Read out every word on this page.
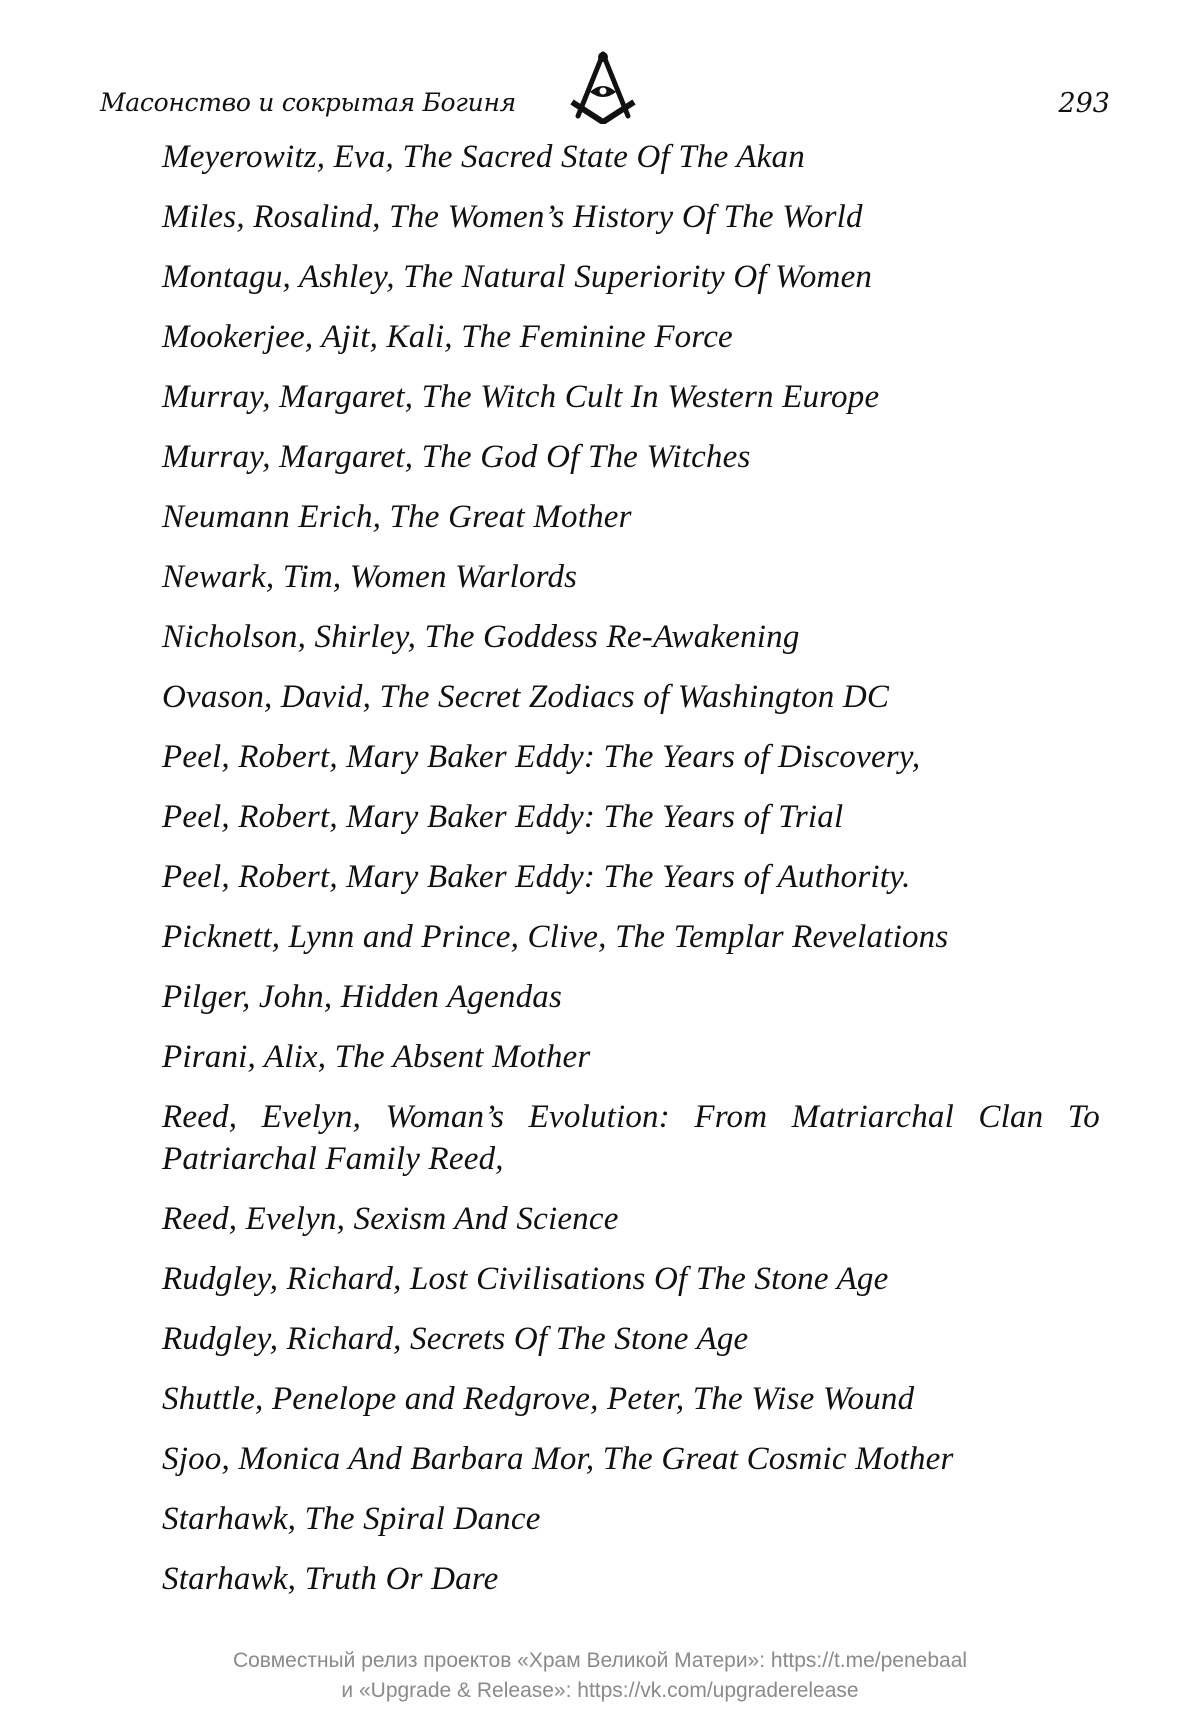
Масонство и сокрытая Богиня	293
Meyerowitz, Eva, The Sacred State Of The Akan
Miles, Rosalind, The Women’s History Of The World
Montagu, Ashley, The Natural Superiority Of Women
Mookerjee, Ajit, Kali, The Feminine Force
Murray, Margaret, The Witch Cult In Western Europe
Murray, Margaret, The God Of The Witches
Neumann Erich, The Great Mother
Newark, Tim, Women Warlords
Nicholson, Shirley, The Goddess Re-Awakening
Ovason, David, The Secret Zodiacs of Washington DC
Peel, Robert, Mary Baker Eddy: The Years of Discovery,
Peel, Robert, Mary Baker Eddy: The Years of Trial
Peel, Robert, Mary Baker Eddy: The Years of Authority.
Picknett, Lynn and Prince, Clive, The Templar Revelations
Pilger, John, Hidden Agendas
Pirani, Alix, The Absent Mother
Reed, Evelyn, Woman’s Evolution: From Matriarchal Clan To Patriarchal Family Reed,
Reed, Evelyn, Sexism And Science
Rudgley, Richard, Lost Civilisations Of The Stone Age
Rudgley, Richard, Secrets Of The Stone Age
Shuttle, Penelope and Redgrove, Peter, The Wise Wound
Sjoo, Monica And Barbara Mor, The Great Cosmic Mother
Starhawk, The Spiral Dance
Starhawk, Truth Or Dare
Совместный релиз проектов «Храм Великой Матери»: https://t.me/penebaal
и «Upgrade & Release»: https://vk.com/upgraderelease
